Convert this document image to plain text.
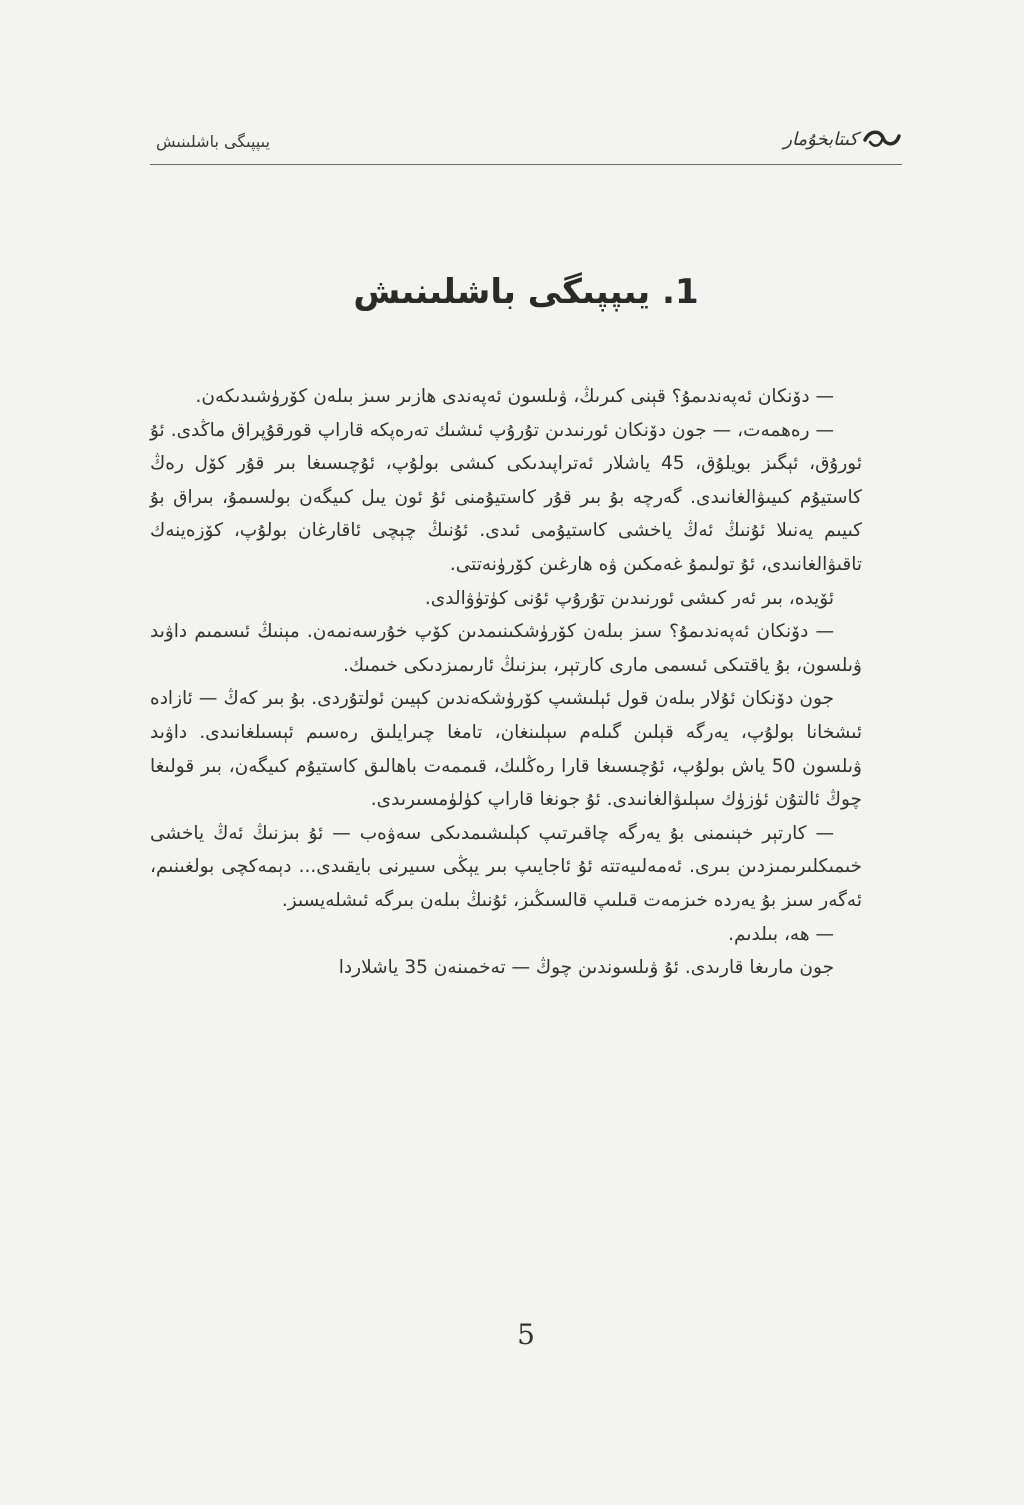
كىتابخۇمار
يىپپىگى باشلىنىش
1. يىپپىگى باشلىنىش

— دۆنكان ئەپەندىمۇ؟ قېنى كىرىڭ، ۋىلسون ئەپەندى ھازىر سىز بىلەن كۆرۈشىدىكەن.

— رەھمەت، — جون دۆنكان ئورنىدىن تۇرۇپ ئىشىك تەرەپكە قاراپ قورقۇپراق ماڭدى. ئۇ ئورۇق، ئېگىز بويلۇق، 45 ياشلار ئەتراپىدىكى كىشى بولۇپ، ئۇچىسىغا بىر قۇر كۆل رەڭ كاستيۇم كىيىۋالغانىدى. گەرچە بۇ بىر قۇر كاستيۇمنى ئۇ ئون يىل كىيگەن بولسىمۇ، بىراق بۇ كىيىم يەنىلا ئۇنىڭ ئەڭ ياخشى كاستيۇمى ئىدى. ئۇنىڭ چېچى ئاقارغان بولۇپ، كۆزەينەك تاقىۋالغانىدى، ئۇ تولىمۇ غەمكىن ۋە ھارغىن كۆرۈنەتتى.

ئۆيدە، بىر ئەر كىشى ئورنىدىن تۇرۇپ ئۇنى كۈتۈۋالدى.

— دۆنكان ئەپەندىمۇ؟ سىز بىلەن كۆرۈشكىنىمدىن كۆپ خۇرسەنمەن. مېنىڭ ئىسمىم داۋىد ۋىلسون، بۇ ياقتىكى ئىسمى مارى كارتېر، بىزنىڭ ئارىمىزدىكى خىمىك.

جون دۆنكان ئۇلار بىلەن قول ئېلىشىپ كۆرۈشكەندىن كېيىن ئولتۇردى. بۇ بىر كەڭ — ئازادە ئىشخانا بولۇپ، يەرگە قېلىن گىلەم سېلىنغان، تامغا چىرايلىق رەسىم ئېسىلغانىدى. داۋىد ۋىلسون 50 ياش بولۇپ، ئۇچىسىغا قارا رەڭلىك، قىممەت باھالىق كاستيۇم كىيگەن، بىر قولىغا چوڭ ئالتۇن ئۈزۈك سېلىۋالغانىدى. ئۇ جونغا قاراپ كۈلۈمسىرىدى.

— كارتېر خېنىمنى بۇ يەرگە چاقىرتىپ كېلىشىمدىكى سەۋەب — ئۇ بىزنىڭ ئەڭ ياخشى خىمىكلىرىمىزدىن بىرى. ئەمەلىيەتتە ئۇ ئاجايىپ بىر يېڭى سىيرنى بايقىدى... دېمەكچى بولغىنىم، ئەگەر سىز بۇ يەردە خىزمەت قىلىپ قالسىڭىز، ئۇنىڭ بىلەن بىرگە ئىشلەيسىز.

— ھە، بىلدىم.

جون مارىغا قارىدى. ئۇ ۋىلسوندىن چوڭ — تەخمىنەن 35 ياشلاردا

5
